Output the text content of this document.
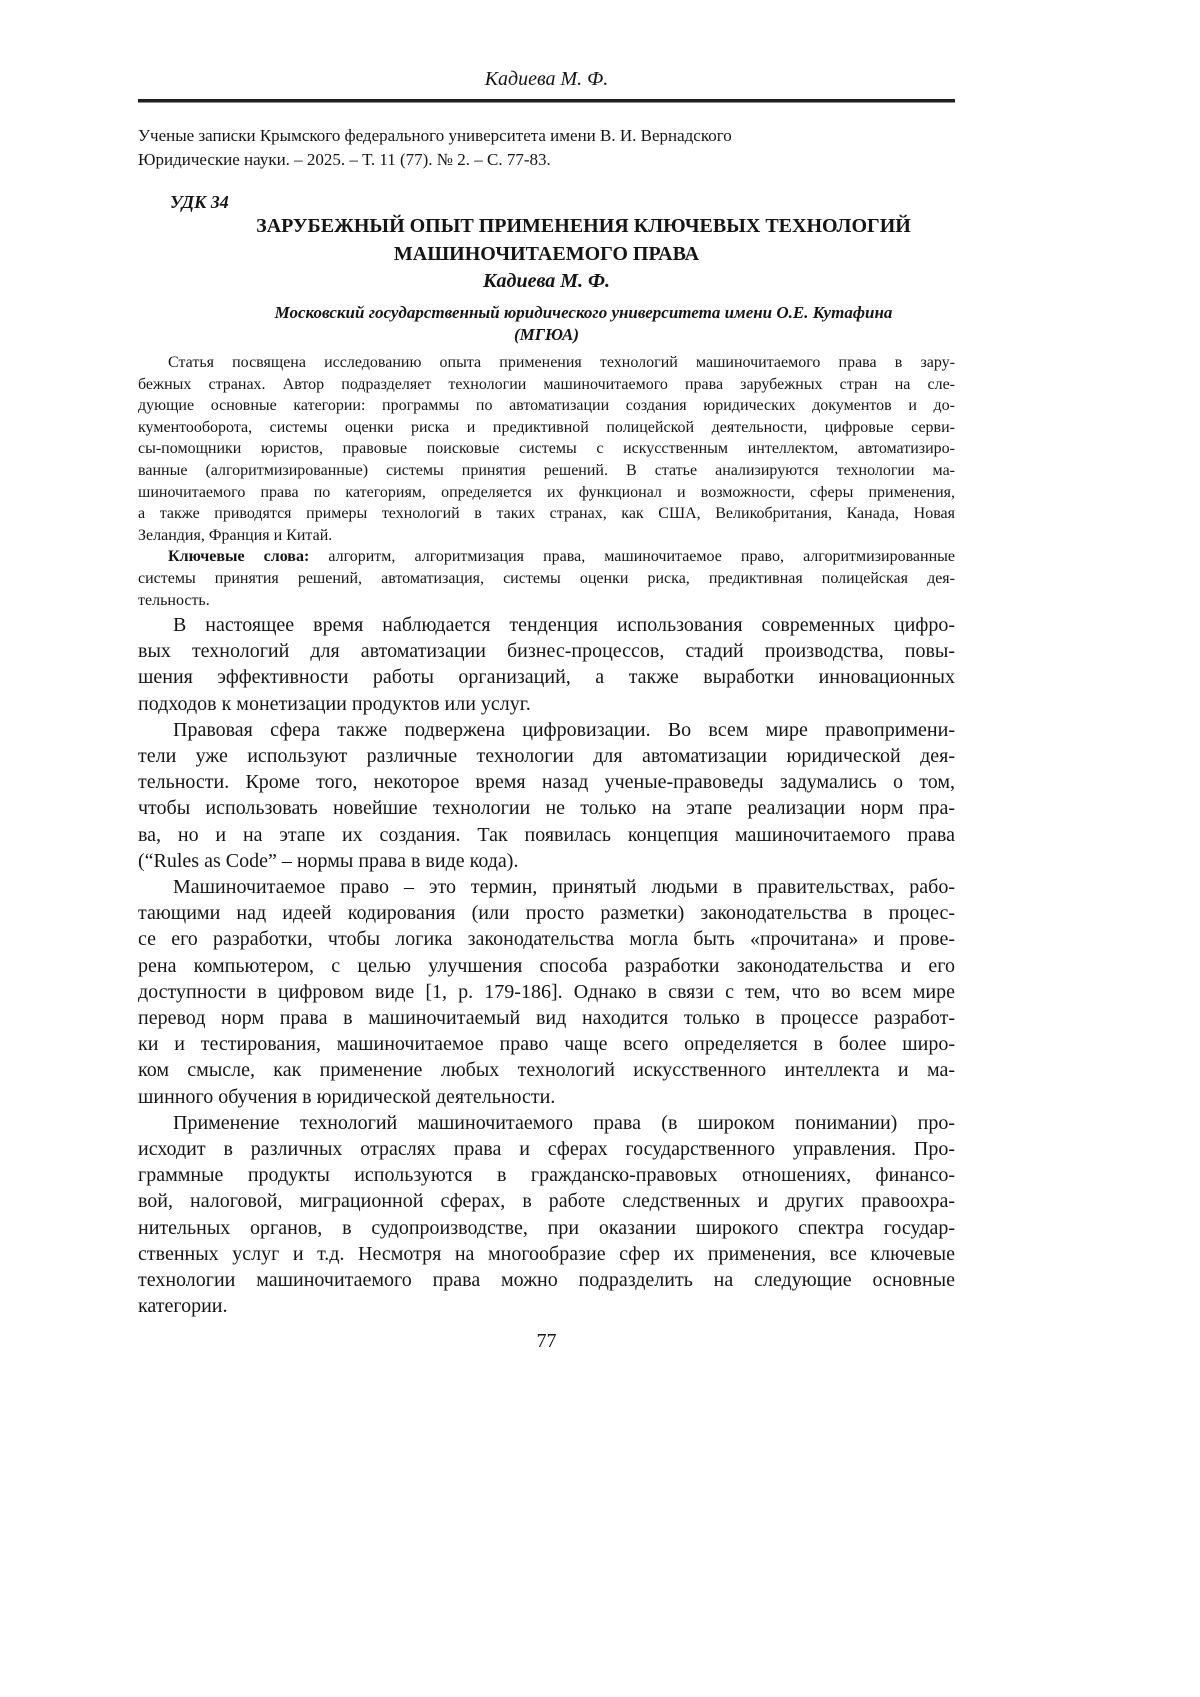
Кадиева М. Ф.
Ученые записки Крымского федерального университета имени В. И. Вернадского
Юридические науки. – 2025. – Т. 11 (77). № 2. – С. 77-83.
УДК 34
ЗАРУБЕЖНЫЙ ОПЫТ ПРИМЕНЕНИЯ КЛЮЧЕВЫХ ТЕХНОЛОГИЙ
МАШИНОЧИТАЕМОГО ПРАВА
Кадиева М. Ф.
Московский государственный юридического университета имени О.Е. Кутафина
(МГЮА)
Статья посвящена исследованию опыта применения технологий машиночитаемого права в зару-
бежных странах. Автор подразделяет технологии машиночитаемого права зарубежных стран на сле-
дующие основные категории: программы по автоматизации создания юридических документов и до-
кументооборота, системы оценки риска и предиктивной полицейской деятельности, цифровые серви-
сы-помощники юристов, правовые поисковые системы с искусственным интеллектом, автоматизиро-
ванные (алгоритмизированные) системы принятия решений. В статье анализируются технологии ма-
шиночитаемого права по категориям, определяется их функционал и возможности, сферы применения,
а также приводятся примеры технологий в таких странах, как США, Великобритания, Канада, Новая
Зеландия, Франция и Китай.
Ключевые слова: алгоритм, алгоритмизация права, машиночитаемое право, алгоритмизированные
системы принятия решений, автоматизация, системы оценки риска, предиктивная полицейская дея-
тельность.
В настоящее время наблюдается тенденция использования современных цифро-
вых технологий для автоматизации бизнес-процессов, стадий производства, повы-
шения эффективности работы организаций, а также выработки инновационных
подходов к монетизации продуктов или услуг.
Правовая сфера также подвержена цифровизации. Во всем мире правопримени-
тели уже используют различные технологии для автоматизации юридической дея-
тельности. Кроме того, некоторое время назад ученые-правоведы задумались о том,
чтобы использовать новейшие технологии не только на этапе реализации норм пра-
ва, но и на этапе их создания. Так появилась концепция машиночитаемого права
(“Rules as Code” – нормы права в виде кода).
Машиночитаемое право – это термин, принятый людьми в правительствах, рабо-
тающими над идеей кодирования (или просто разметки) законодательства в процес-
се его разработки, чтобы логика законодательства могла быть «прочитана» и прове-
рена компьютером, с целью улучшения способа разработки законодательства и его
доступности в цифровом виде [1, p. 179-186]. Однако в связи с тем, что во всем мире
перевод норм права в машиночитаемый вид находится только в процессе разработ-
ки и тестирования, машиночитаемое право чаще всего определяется в более широ-
ком смысле, как применение любых технологий искусственного интеллекта и ма-
шинного обучения в юридической деятельности.
Применение технологий машиночитаемого права (в широком понимании) про-
исходит в различных отраслях права и сферах государственного управления. Про-
граммные продукты используются в гражданско-правовых отношениях, финансо-
вой, налоговой, миграционной сферах, в работе следственных и других правоохра-
нительных органов, в судопроизводстве, при оказании широкого спектра государ-
ственных услуг и т.д. Несмотря на многообразие сфер их применения, все ключевые
технологии машиночитаемого права можно подразделить на следующие основные
категории.
77
